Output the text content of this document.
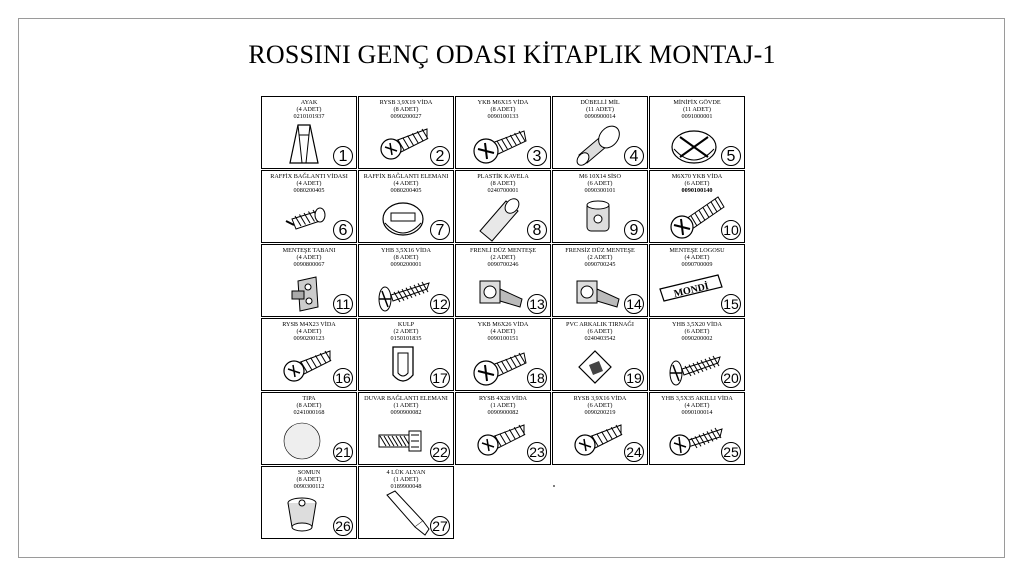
ROSSINI GENÇ ODASI KİTAPLIK MONTAJ-1
AYAK
(4 ADET)
0210101937
1
RYSB 3,9X19 VİDA
(8 ADET)
0090200027
2
YKB M6X15 VİDA
(8 ADET)
0090100133
3
DÜBELLİ MİL
(11 ADET)
0090900014
4
MİNİFİX GÖVDE
(11 ADET)
0091000001
5
RAFFİX BAĞLANTI VİDASI
(4 ADET)
0080200405
6
RAFFİX BAĞLANTI ELEMANI
(4 ADET)
0080200405
7
PLASTİK KAVELA
(8 ADET)
0240700001
8
M6 10X14 SİSO
(6 ADET)
0090300101
9
M6X70 YKB VİDA
(6 ADET)
0090100140
10
MENTEŞE TABANI
(4 ADET)
0090800067
11
YHB 3,5X16 VİDA
(8 ADET)
0090200001
12
FRENLİ DÜZ MENTEŞE
(2 ADET)
0090700246
13
FRENSİZ DÜZ MENTEŞE
(2 ADET)
0090700245
14
MENTEŞE LOGOSU
(4 ADET)
0090700009
MONDİ
15
RYSB M4X23 VİDA
(4 ADET)
0090200123
16
KULP
(2 ADET)
0150101835
17
YKB M6X26 VİDA
(4 ADET)
0090100151
18
PVC ARKALIK TIRNAĞI
(6 ADET)
0240403542
19
YHB 3,5X20 VİDA
(6 ADET)
0090200002
20
TIPA
(8 ADET)
0241000168
21
DUVAR BAĞLANTI ELEMANI
(1 ADET)
0090900082
22
RYSB 4X28 VİDA
(1 ADET)
0090900082
23
RYSB 3,9X16 VİDA
(6 ADET)
0090200219
24
YHB 3,5X35 AKILLI VİDA
(4 ADET)
0090100014
25
SOMUN
(8 ADET)
0090300112
26
4 LÜK ALYAN
(1 ADET)
0189900048
27
